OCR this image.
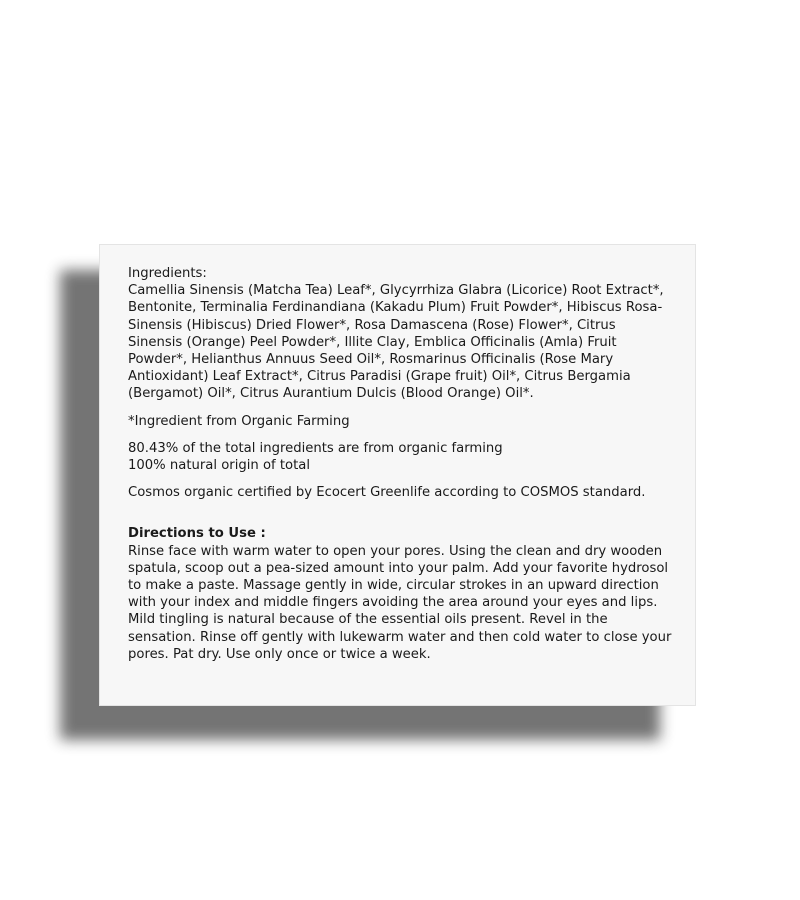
Ingredients:

Camellia Sinensis (Matcha Tea) Leaf*, Glycyrrhiza Glabra (Licorice) Root Extract*, Bentonite, Terminalia Ferdinandiana (Kakadu Plum) Fruit Powder*, Hibiscus Rosa-Sinensis (Hibiscus) Dried Flower*, Rosa Damascena (Rose) Flower*, Citrus Sinensis (Orange) Peel Powder*, Illite Clay, Emblica Officinalis (Amla) Fruit Powder*, Helianthus Annuus Seed Oil*, Rosmarinus Officinalis (Rose Mary Antioxidant) Leaf Extract*, Citrus Paradisi (Grape fruit) Oil*, Citrus Bergamia (Bergamot) Oil*, Citrus Aurantium Dulcis (Blood Orange) Oil*.

*Ingredient from Organic Farming

80.43% of the total ingredients are from organic farming

100% natural origin of total

Cosmos organic certified by Ecocert Greenlife according to COSMOS standard.

Directions to Use :

Rinse face with warm water to open your pores. Using the clean and dry wooden spatula, scoop out a pea-sized amount into your palm. Add your favorite hydrosol to make a paste. Massage gently in wide, circular strokes in an upward direction with your index and middle fingers avoiding the area around your eyes and lips. Mild tingling is natural because of the essential oils present. Revel in the sensation. Rinse off gently with lukewarm water and then cold water to close your pores. Pat dry. Use only once or twice a week.
